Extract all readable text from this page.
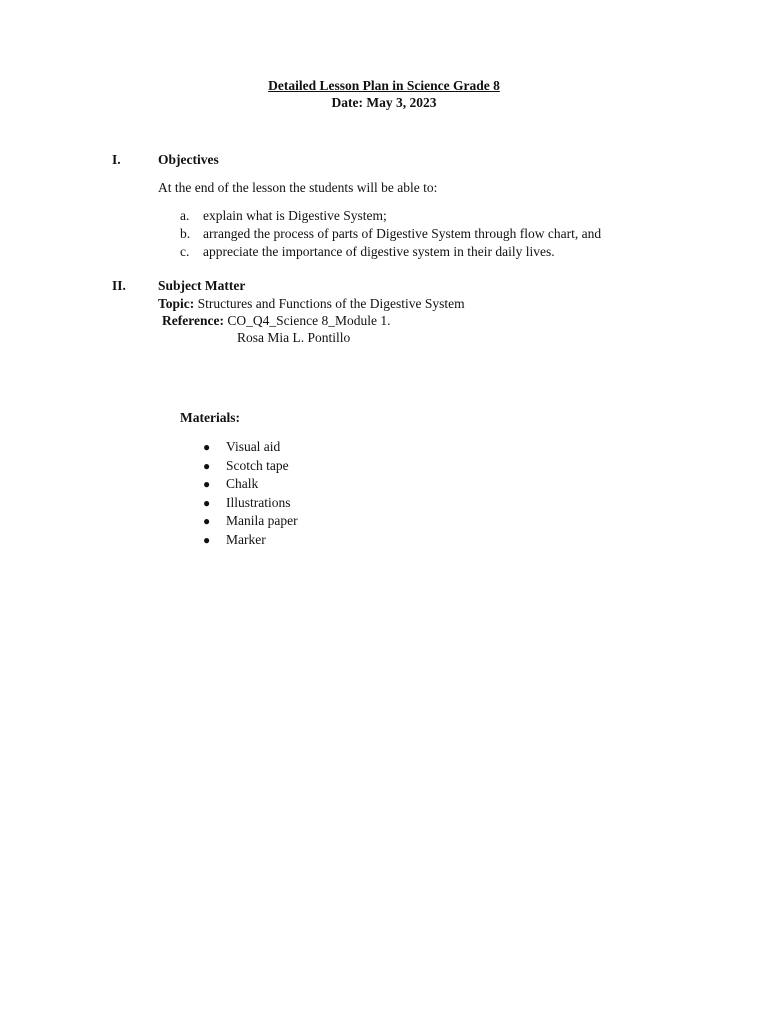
Detailed Lesson Plan in Science Grade 8
Date: May 3, 2023
I.	Objectives
At the end of the lesson the students will be able to:
a. explain what is Digestive System;
b. arranged the process of parts of Digestive System through flow chart, and
c. appreciate the importance of digestive system in their daily lives.
II. Subject Matter
Topic: Structures and Functions of the Digestive System
Reference: CO_Q4_Science 8_Module 1.
Rosa Mia L. Pontillo
Materials:
● Visual aid
● Scotch tape
● Chalk
● Illustrations
● Manila paper
● Marker
